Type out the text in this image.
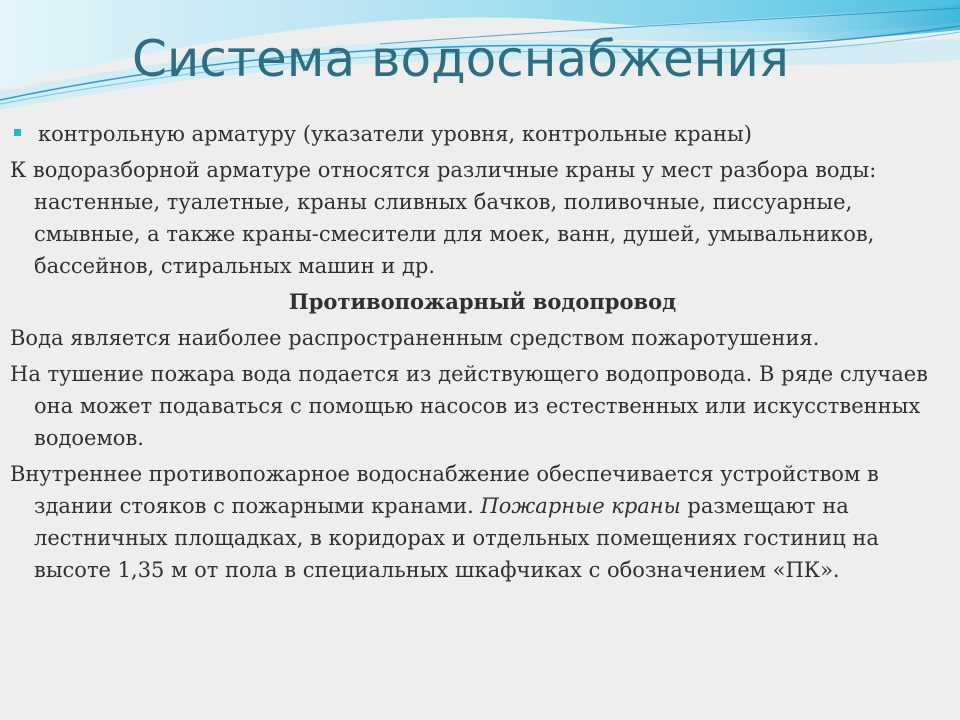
Система водоснабжения

контрольную арматуру (указатели уровня, контрольные краны)

К водоразборной арматуре относятся различные краны у мест разбора воды: настенные, туалетные, краны сливных бачков, поливочные, писсуарные, смывные, а также краны-смесители для моек, ванн, душей, умывальников, бассейнов, стиральных машин и др.

Противопожарный водопровод

Вода является наиболее распространенным средством пожаротушения.

На тушение пожара вода подается из действующего водопровода. В ряде случаев она может подаваться с помощью насосов из естественных или искусственных водоемов.

Внутреннее противопожарное водоснабжение обеспечивается устройством в здании стояков с пожарными кранами. Пожарные краны размещают на лестничных площадках, в коридорах и отдельных помещениях гостиниц на высоте 1,35 м от пола в специальных шкафчиках с обозначением «ПК».
